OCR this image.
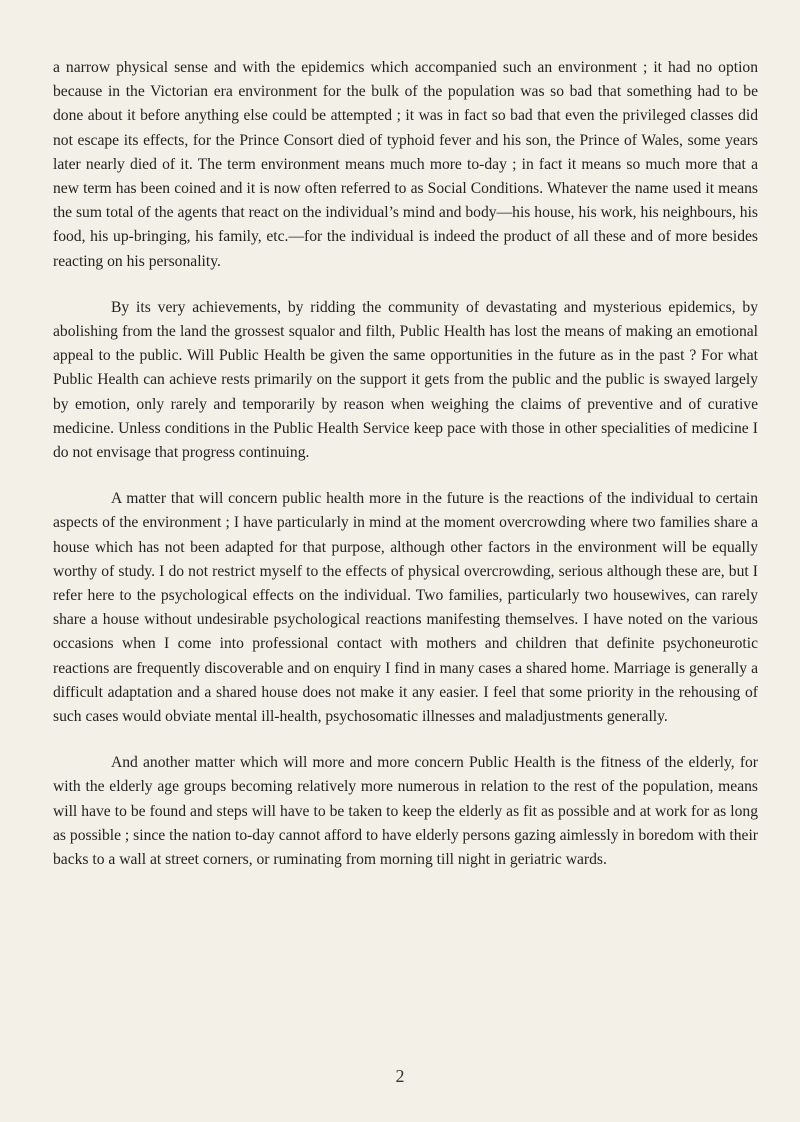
a narrow physical sense and with the epidemics which accompanied such an environment ; it had no option because in the Victorian era environment for the bulk of the population was so bad that something had to be done about it before anything else could be attempted ; it was in fact so bad that even the privileged classes did not escape its effects, for the Prince Consort died of typhoid fever and his son, the Prince of Wales, some years later nearly died of it. The term environment means much more to-day ; in fact it means so much more that a new term has been coined and it is now often referred to as Social Conditions. Whatever the name used it means the sum total of the agents that react on the individual’s mind and body—his house, his work, his neighbours, his food, his up-bringing, his family, etc.—for the individual is indeed the product of all these and of more besides reacting on his personality.

By its very achievements, by ridding the community of devastating and mysterious epidemics, by abolishing from the land the grossest squalor and filth, Public Health has lost the means of making an emotional appeal to the public. Will Public Health be given the same opportunities in the future as in the past ? For what Public Health can achieve rests primarily on the support it gets from the public and the public is swayed largely by emotion, only rarely and temporarily by reason when weighing the claims of preventive and of curative medicine. Unless conditions in the Public Health Service keep pace with those in other specialities of medicine I do not envisage that progress continuing.

A matter that will concern public health more in the future is the reactions of the individual to certain aspects of the environment ; I have particularly in mind at the moment overcrowding where two families share a house which has not been adapted for that purpose, although other factors in the environment will be equally worthy of study. I do not restrict myself to the effects of physical overcrowding, serious although these are, but I refer here to the psychological effects on the individual. Two families, particularly two housewives, can rarely share a house without undesirable psychological reactions manifesting themselves. I have noted on the various occasions when I come into professional contact with mothers and children that definite psychoneurotic reactions are frequently discoverable and on enquiry I find in many cases a shared home. Marriage is generally a difficult adaptation and a shared house does not make it any easier. I feel that some priority in the rehousing of such cases would obviate mental ill-health, psychosomatic illnesses and maladjustments generally.

And another matter which will more and more concern Public Health is the fitness of the elderly, for with the elderly age groups becoming relatively more numerous in relation to the rest of the population, means will have to be found and steps will have to be taken to keep the elderly as fit as possible and at work for as long as possible ; since the nation to-day cannot afford to have elderly persons gazing aimlessly in boredom with their backs to a wall at street corners, or ruminating from morning till night in geriatric wards.

2
